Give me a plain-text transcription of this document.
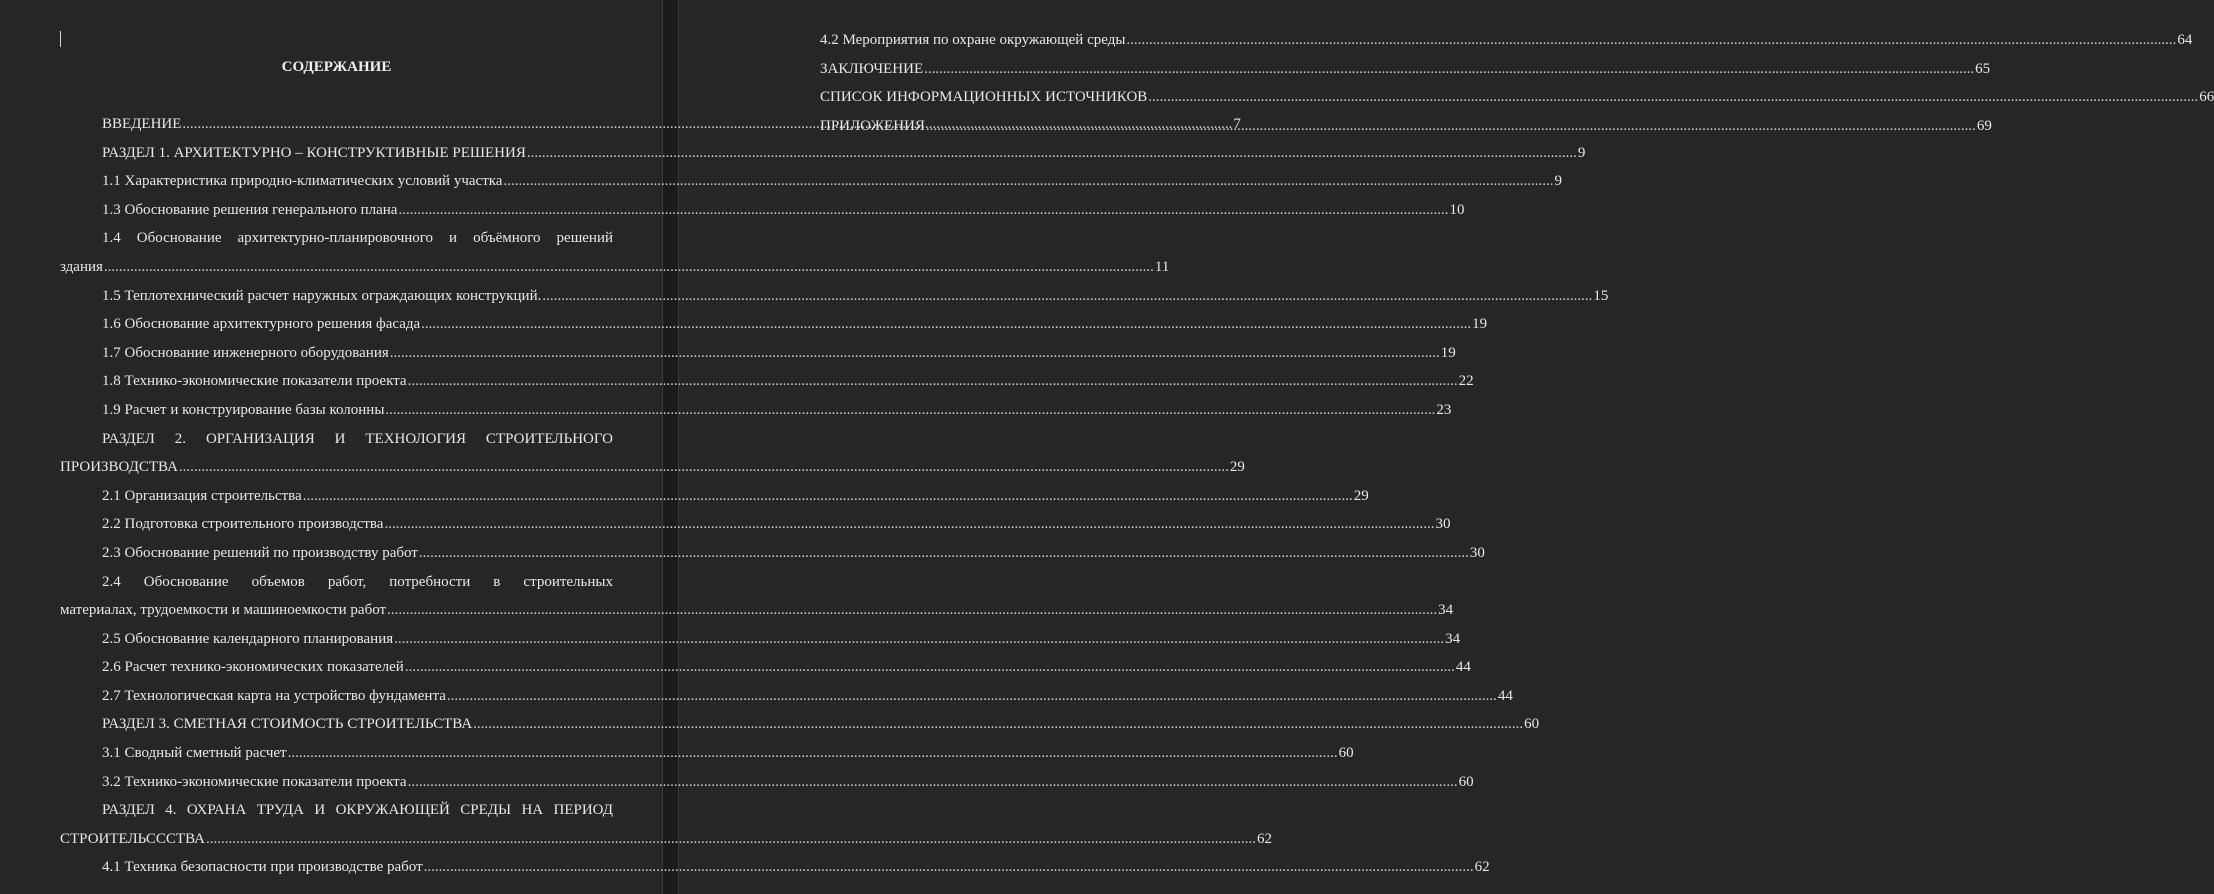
СОДЕРЖАНИЕ
ВВЕДЕНИЕ .....	7
РАЗДЕЛ 1. АРХИТЕКТУРНО – КОНСТРУКТИВНЫЕ РЕШЕНИЯ .....	9
1.1 Характеристика природно-климатических условий участка .....	9
1.3 Обоснование решения генерального плана .....	10
1.4 Обоснование архитектурно-планировочного и объёмного решений
здания .....	11
1.5 Теплотехнический расчет наружных ограждающих конструкций. .....	15
1.6 Обоснование архитектурного решения фасада .....	19
1.7 Обоснование инженерного оборудования .....	19
1.8 Технико-экономические показатели проекта .....	22
1.9 Расчет и конструирование базы колонны .....	23
РАЗДЕЛ 2. ОРГАНИЗАЦИЯ И ТЕХНОЛОГИЯ СТРОИТЕЛЬНОГО
ПРОИЗВОДСТВА .....	29
2.1 Организация строительства .....	29
2.2 Подготовка строительного производства .....	30
2.3 Обоснование решений по производству работ .....	30
2.4 Обоснование объемов работ, потребности в строительных
материалах, трудоемкости и машиноемкости работ .....	34
2.5 Обоснование календарного планирования .....	34
2.6 Расчет технико-экономических показателей .....	44
2.7 Технологическая карта на устройство фундамента .....	44
РАЗДЕЛ 3. СМЕТНАЯ СТОИМОСТЬ СТРОИТЕЛЬСТВА .....	60
3.1 Сводный сметный расчет .....	60
3.2 Технико-экономические показатели проекта .....	60
РАЗДЕЛ 4. ОХРАНА ТРУДА И ОКРУЖАЮЩЕЙ СРЕДЫ НА ПЕРИОД
СТРОИТЕЛЬСССТВА .....	62
4.1 Техника безопасности при производстве работ .....	62
4.2 Мероприятия по охране окружающей среды .....	64
ЗАКЛЮЧЕНИЕ .....	65
СПИСОК ИНФОРМАЦИОННЫХ ИСТОЧНИКОВ .....	66
ПРИЛОЖЕНИЯ .....	69
